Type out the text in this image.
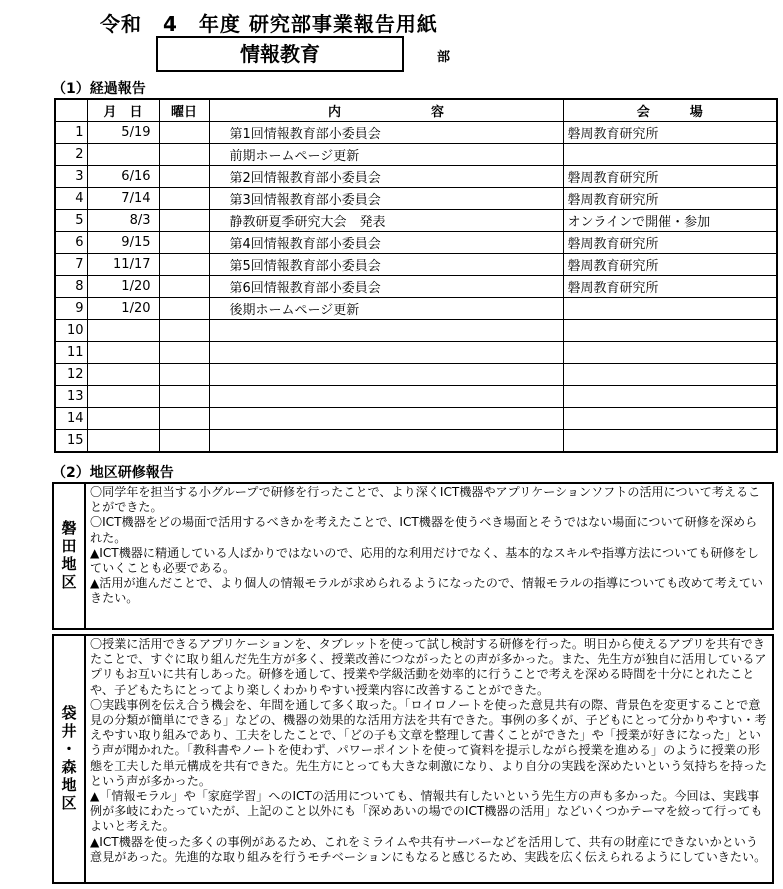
令和　4　年度 研究部事業報告用紙
情報教育	部
（1）経過報告
	月　日	曜日	内容	会場
1	5/19		第1回情報教育部小委員会	磐周教育研究所
2			前期ホームページ更新	
3	6/16		第2回情報教育部小委員会	磐周教育研究所
4	7/14		第3回情報教育部小委員会	磐周教育研究所
5	8/3		静教研夏季研究大会　発表	オンラインで開催・参加
6	9/15		第4回情報教育部小委員会	磐周教育研究所
7	11/17		第5回情報教育部小委員会	磐周教育研究所
8	1/20		第6回情報教育部小委員会	磐周教育研究所
9	1/20		後期ホームページ更新	
10				
11				
12				
13				
14				
15				
（2）地区研修報告
磐田地区

〇同学年を担当する小グループで研修を行ったことで、より深くICT機器やアプリケーションソフトの活用について考えることができた。

〇ICT機器をどの場面で活用するべきかを考えたことで、ICT機器を使うべき場面とそうではない場面について研修を深められた。

▲ICT機器に精通している人ばかりではないので、応用的な利用だけでなく、基本的なスキルや指導方法についても研修をしていくことも必要である。

▲活用が進んだことで、より個人の情報モラルが求められるようになったので、情報モラルの指導についても改めて考えていきたい。

袋井・森地区

〇授業に活用できるアプリケーションを、タブレットを使って試し検討する研修を行った。明日から使えるアプリを共有できたことで、すぐに取り組んだ先生方が多く、授業改善につながったとの声が多かった。また、先生方が独自に活用しているアプリもお互いに共有しあった。研修を通して、授業や学級活動を効率的に行うことで考えを深める時間を十分にとれたことや、子どもたちにとってより楽しくわかりやすい授業内容に改善することができた。

〇実践事例を伝え合う機会を、年間を通して多く取った。「ロイロノートを使った意見共有の際、背景色を変更することで意見の分類が簡単にできる」などの、機器の効果的な活用方法を共有できた。事例の多くが、子どもにとって分かりやすい・考えやすい取り組みであり、工夫をしたことで、「どの子も文章を整理して書くことができた」や「授業が好きになった」という声が聞かれた。「教科書やノートを使わず、パワーポイントを使って資料を提示しながら授業を進める」のように授業の形態を工夫した単元構成を共有できた。先生方にとっても大きな刺激になり、より自分の実践を深めたいという気持ちを持ったという声が多かった。

▲「情報モラル」や「家庭学習」へのICTの活用についても、情報共有したいという先生方の声も多かった。今回は、実践事例が多岐にわたっていたが、上記のこと以外にも「深めあいの場でのICT機器の活用」などいくつかテーマを絞って行ってもよいと考えた。

▲ICT機器を使った多くの事例があるため、これをミライムや共有サーバーなどを活用して、共有の財産にできないかという意見があった。先進的な取り組みを行うモチベーションにもなると感じるため、実践を広く伝えられるようにしていきたい。
